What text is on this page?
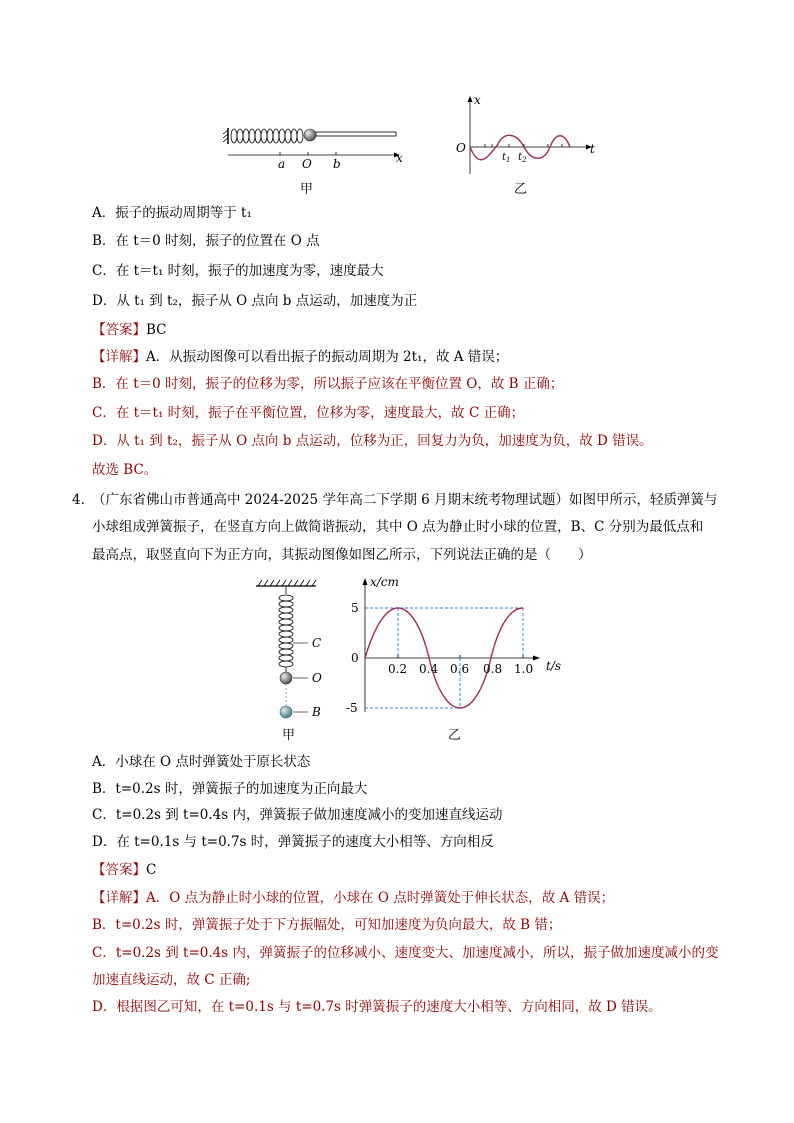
a O b	x
甲
x
t
O
$t_1$ $t_2$
乙
A．振子的振动周期等于 t₁
B．在 t＝0 时刻，振子的位置在 O 点
C．在 t＝t₁ 时刻，振子的加速度为零，速度最大
D．从 t₁ 到 t₂，振子从 O 点向 b 点运动，加速度为正
【答案】BC
【详解】A．从振动图像可以看出振子的振动周期为 2t₁，故 A 错误；
B．在 t＝0 时刻，振子的位移为零，所以振子应该在平衡位置 O，故 B 正确；
C．在 t＝t₁ 时刻，振子在平衡位置，位移为零，速度最大，故 C 正确；
D．从 t₁ 到 t₂，振子从 O 点向 b 点运动，位移为正，回复力为负，加速度为负，故 D 错误。
故选 BC。
4．
（广东省佛山市普通高中 2024-2025 学年高二下学期 6 月期末统考物理试题）如图甲所示，轻质弹簧与
小球组成弹簧振子，在竖直方向上做简谐振动，其中 O 点为静止时小球的位置，B、C 分别为最低点和
最高点，取竖直向下为正方向，其振动图像如图乙所示，下列说法正确的是（　　）
C
O
B
甲
x/cm
t/s
5
0
-5
0.2 0.4 0.6 0.8 1.0
乙
A．小球在 O 点时弹簧处于原长状态
B．t=0.2s 时，弹簧振子的加速度为正向最大
C．t=0.2s 到 t=0.4s 内，弹簧振子做加速度减小的变加速直线运动
D．在 t=0.1s 与 t=0.7s 时，弹簧振子的速度大小相等、方向相反
【答案】C
【详解】A．O 点为静止时小球的位置，小球在 O 点时弹簧处于伸长状态，故 A 错误；
B．t=0.2s 时，弹簧振子处于下方振幅处，可知加速度为负向最大，故 B 错；
C．t=0.2s 到 t=0.4s 内，弹簧振子的位移减小、速度变大、加速度减小，所以，振子做加速度减小的变
加速直线运动，故 C 正确;
D．根据图乙可知，在 t=0.1s 与 t=0.7s 时弹簧振子的速度大小相等、方向相同，故 D 错误。
